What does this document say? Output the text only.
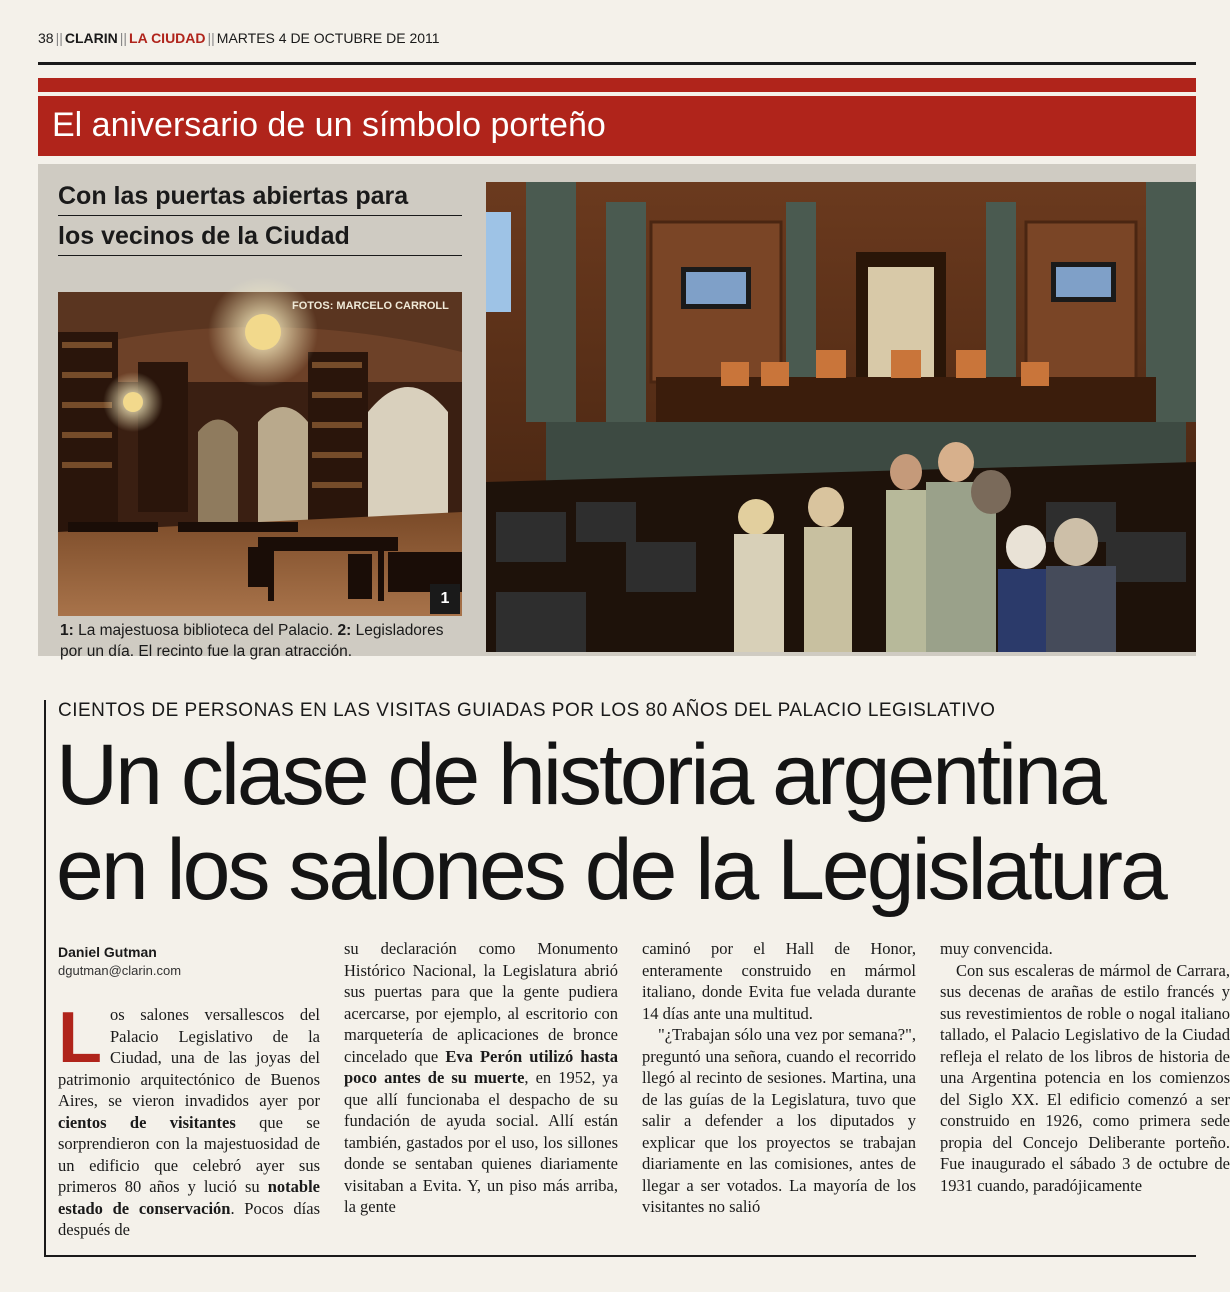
38 || CLARIN || LA CIUDAD || MARTES 4 DE OCTUBRE DE 2011
El aniversario de un símbolo porteño
Con las puertas abiertas para
los vecinos de la Ciudad
FOTOS: MARCELO CARROLL
1
1: La majestuosa biblioteca del Palacio. 2: Legisladores por un día. El recinto fue la gran atracción.
CIENTOS DE PERSONAS EN LAS VISITAS GUIADAS POR LOS 80 AÑOS DEL PALACIO LEGISLATIVO
Un clase de historia argentina
en los salones de la Legislatura
Daniel Gutman
dgutman@clarin.com
Los salones versallescos del Palacio Legislativo de la Ciudad, una de las joyas del patrimonio arquitectónico de Buenos Aires, se vieron invadidos ayer por cientos de visitantes que se sorprendieron con la majestuosidad de un edificio que celebró ayer sus primeros 80 años y lució su notable estado de conservación. Pocos días después de
su declaración como Monumento Histórico Nacional, la Legislatura abrió sus puertas para que la gente pudiera acercarse, por ejemplo, al escritorio con marquetería de aplicaciones de bronce cincelado que Eva Perón utilizó hasta poco antes de su muerte, en 1952, ya que allí funcionaba el despacho de su fundación de ayuda social. Allí están también, gastados por el uso, los sillones donde se sentaban quienes diariamente visitaban a Evita. Y, un piso más arriba, la gente
caminó por el Hall de Honor, enteramente construido en mármol italiano, donde Evita fue velada durante 14 días ante una multitud.
"¿Trabajan sólo una vez por semana?", preguntó una señora, cuando el recorrido llegó al recinto de sesiones. Martina, una de las guías de la Legislatura, tuvo que salir a defender a los diputados y explicar que los proyectos se trabajan diariamente en las comisiones, antes de llegar a ser votados. La mayoría de los visitantes no salió
muy convencida.
Con sus escaleras de mármol de Carrara, sus decenas de arañas de estilo francés y sus revestimientos de roble o nogal italiano tallado, el Palacio Legislativo de la Ciudad refleja el relato de los libros de historia de una Argentina potencia en los comienzos del Siglo XX. El edificio comenzó a ser construido en 1926, como primera sede propia del Concejo Deliberante porteño. Fue inaugurado el sábado 3 de octubre de 1931 cuando, paradójicamente
